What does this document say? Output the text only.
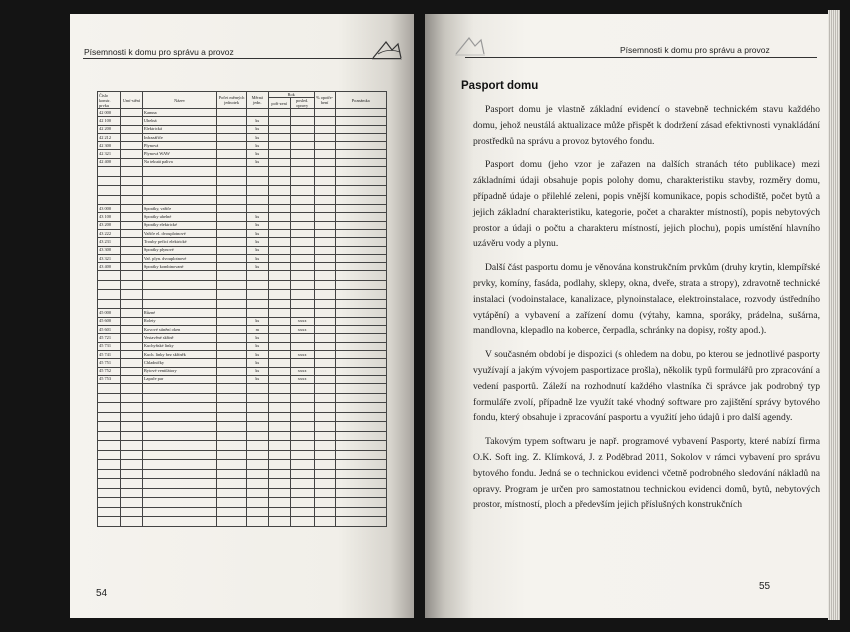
Písemnosti k domu pro správu a provoz
Číslo konstr. prvku	Umí-stění	Název	Počet měrných jednotek	Měrná jedn.	Rok		% opotře-bení	Poznámka
					poři-zení	posled. opravy		
42 000		Kamna						
42 100		Uhelná		ks				
42 200		Elektrická		ks				
42 212		Infrazářiče		ks				
42 300		Plynová		ks				
42 321		Plynová WAW		ks				
42 400		Na tekutá paliva		ks				

43 000		Sporáky, vařiče						
43 100		Sporáky uhelné		ks				
43 200		Sporáky elektrické		ks				
43 222		Vařiče el. dvouplotnové		ks				
43 231		Trouby pečicí elektrické		ks				
43 300		Sporáky plynové		ks				
43 321		Vař. plyn. dvouplotnové		ks				
43 400		Sporáky kombinované		ks				

45 000		Různé						
45 600		Rolety		ks		xxxx		
45 601		Kovové stínění oken		m		xxxx		
45 721		Vestavěné skříně		ks				
45 731		Kuchyňské linky		ks				
45 741		Kuch. linky bez skříněk		ks		xxxx		
45 751		Chladničky		ks				
45 752		Bytové ventilátory		ks		xxxx		
45 753		Lapače par		ks		xxxx		

54
Písemnosti k domu pro správu a provoz
Pasport domu

Pasport domu je vlastně základní evidencí o stavebně technickém stavu každého domu, jehož neustálá aktualizace může přispět k dodržení zásad efektivnosti vynakládání prostředků na správu a provoz bytového fondu.

Pasport domu (jeho vzor je zařazen na dalších stranách této publikace) mezi základními údaji obsahuje popis polohy domu, charakteristiku stavby, rozměry domu, případně údaje o přilehlé zeleni, popis vnější komunikace, popis schodiště, počet bytů a jejich základní charakteristiku, kategorie, počet a charakter místností), popis nebytových prostor a údaji o počtu a charakteru místností, jejich plochu), popis umístění hlavního uzávěru vody a plynu.

Další část pasportu domu je věnována konstrukčním prvkům (druhy krytin, klempířské prvky, komíny, fasáda, podlahy, sklepy, okna, dveře, strata a stropy), zdravotně technické instalaci (vodoinstalace, kanalizace, plynoinstalace, elektroinstalace, rozvody ústředního vytápění) a vybavení a zařízení domu (výtahy, kamna, sporáky, prádelna, sušárna, mandlovna, klepadlo na koberce, čerpadla, schránky na dopisy, rošty apod.).

V současném období je dispozici (s ohledem na dobu, po kterou se jednotlivé pasporty využívají a jakým vývojem pasportizace prošla), několik typů formulářů pro zpracování a vedení pasportů. Záleží na rozhodnutí každého vlastníka či správce jak podrobný typ formuláře zvolí, případně lze využít také vhodný software pro zajištění správy bytového fondu, který obsahuje i zpracování pasportu a využití jeho údajů i pro další agendy.

Takovým typem softwaru je např. programové vybavení Pasporty, které nabízí firma O.K. Soft ing. Z. Klímková, J. z Poděbrad 2011, Sokolov v rámci vybavení pro správu bytového fondu. Jedná se o technickou evidenci včetně podrobného sledování nákladů na opravy. Program je určen pro samostatnou technickou evidenci domů, bytů, nebytových prostor, místností, ploch a především jejich příslušných konstrukčních

55
